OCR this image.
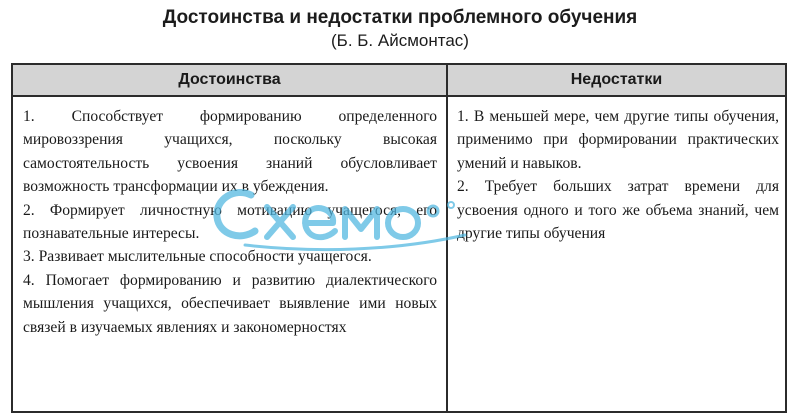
Достоинства и недостатки проблемного обучения
(Б. Б. Айсмонтас)
Достоинства	Недостатки

1. Способствует формированию определенного мировоззрения учащихся, поскольку высокая самостоятельность усвоения знаний обусловливает возможность трансформации их в убеждения.

2. Формирует личностную мотивацию учащегося, его познавательные интересы.

3. Развивает мыслительные способности учащегося.

4. Помогает формированию и развитию диалектического мышления учащихся, обеспечивает выявление ими новых связей в изучаемых явлениях и закономерностях

1. В меньшей мере, чем другие типы обучения, применимо при формировании практических умений и навыков.

2. Требует больших затрат времени для усвоения одного и того же объема знаний, чем другие типы обучения
